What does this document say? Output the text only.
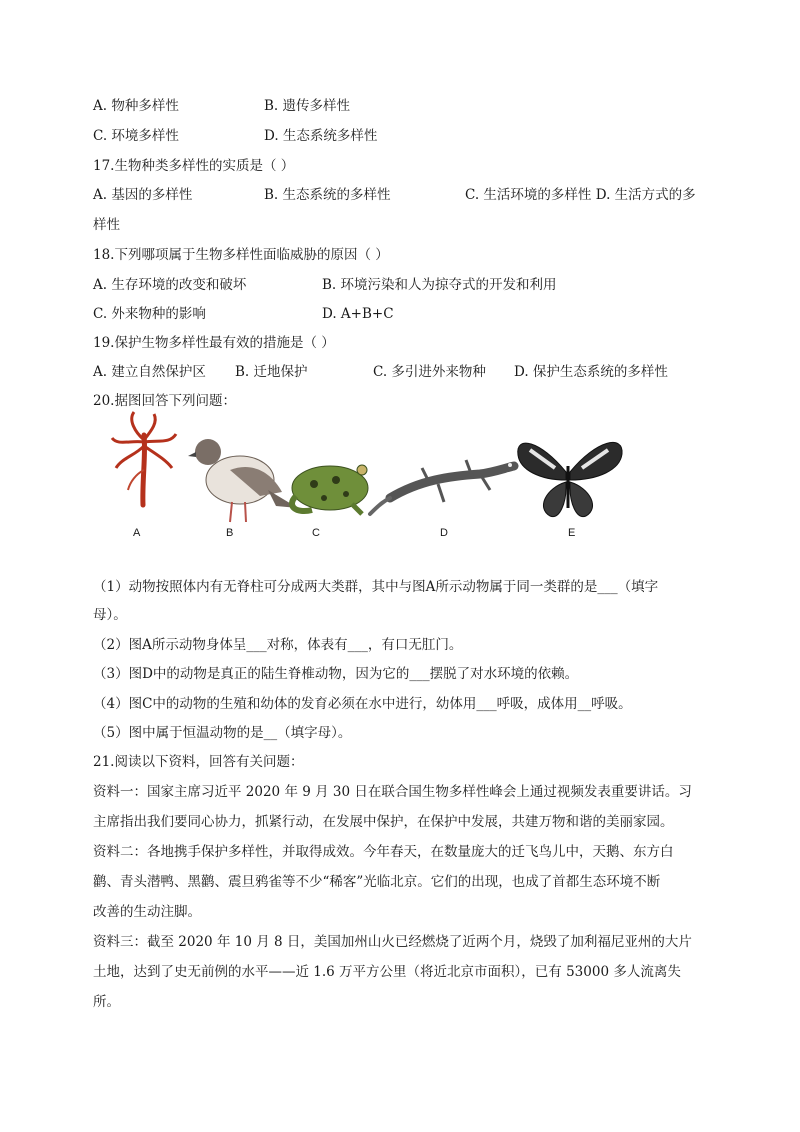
A. 物种多样性	B. 遗传多样性
C. 环境多样性	D. 生态系统多样性
17.生物种类多样性的实质是（ ）
A. 基因的多样性	B. 生态系统的多样性	C. 生活环境的多样性 D. 生活方式的多
样性
18.下列哪项属于生物多样性面临威胁的原因（ ）
A. 生存环境的改变和破坏	B. 环境污染和人为掠夺式的开发和利用
C. 外来物种的影响	D. A+B+C
19.保护生物多样性最有效的措施是（ ）
A. 建立自然保护区 B. 迁地保护	C. 多引进外来物种 D. 保护生态系统的多样性
20.据图回答下列问题：
A	B	C	D	E
（1）动物按照体内有无脊柱可分成两大类群，其中与图A所示动物属于同一类群的是___（填字
母）。
（2）图A所示动物身体呈___对称，体表有___，有口无肛门。
（3）图D中的动物是真正的陆生脊椎动物，因为它的___摆脱了对水环境的依赖。
（4）图C中的动物的生殖和幼体的发育必须在水中进行，幼体用___呼吸，成体用__呼吸。
（5）图中属于恒温动物的是__（填字母）。
21.阅读以下资料，回答有关问题：
资料一：国家主席习近平 2020 年 9 月 30 日在联合国生物多样性峰会上通过视频发表重要讲话。习
主席指出我们要同心协力，抓紧行动，在发展中保护，在保护中发展，共建万物和谐的美丽家园。
资料二：各地携手保护多样性，并取得成效。今年春天，在数量庞大的迁飞鸟儿中，天鹅、东方白
鹳、青头潜鸭、黑鹳、震旦鸦雀等不少“稀客”光临北京。它们的出现，也成了首都生态环境不断
改善的生动注脚。
资料三：截至 2020 年 10 月 8 日，美国加州山火已经燃烧了近两个月，烧毁了加利福尼亚州的大片
土地，达到了史无前例的水平——近 1.6 万平方公里（将近北京市面积），已有 53000 多人流离失
所。
